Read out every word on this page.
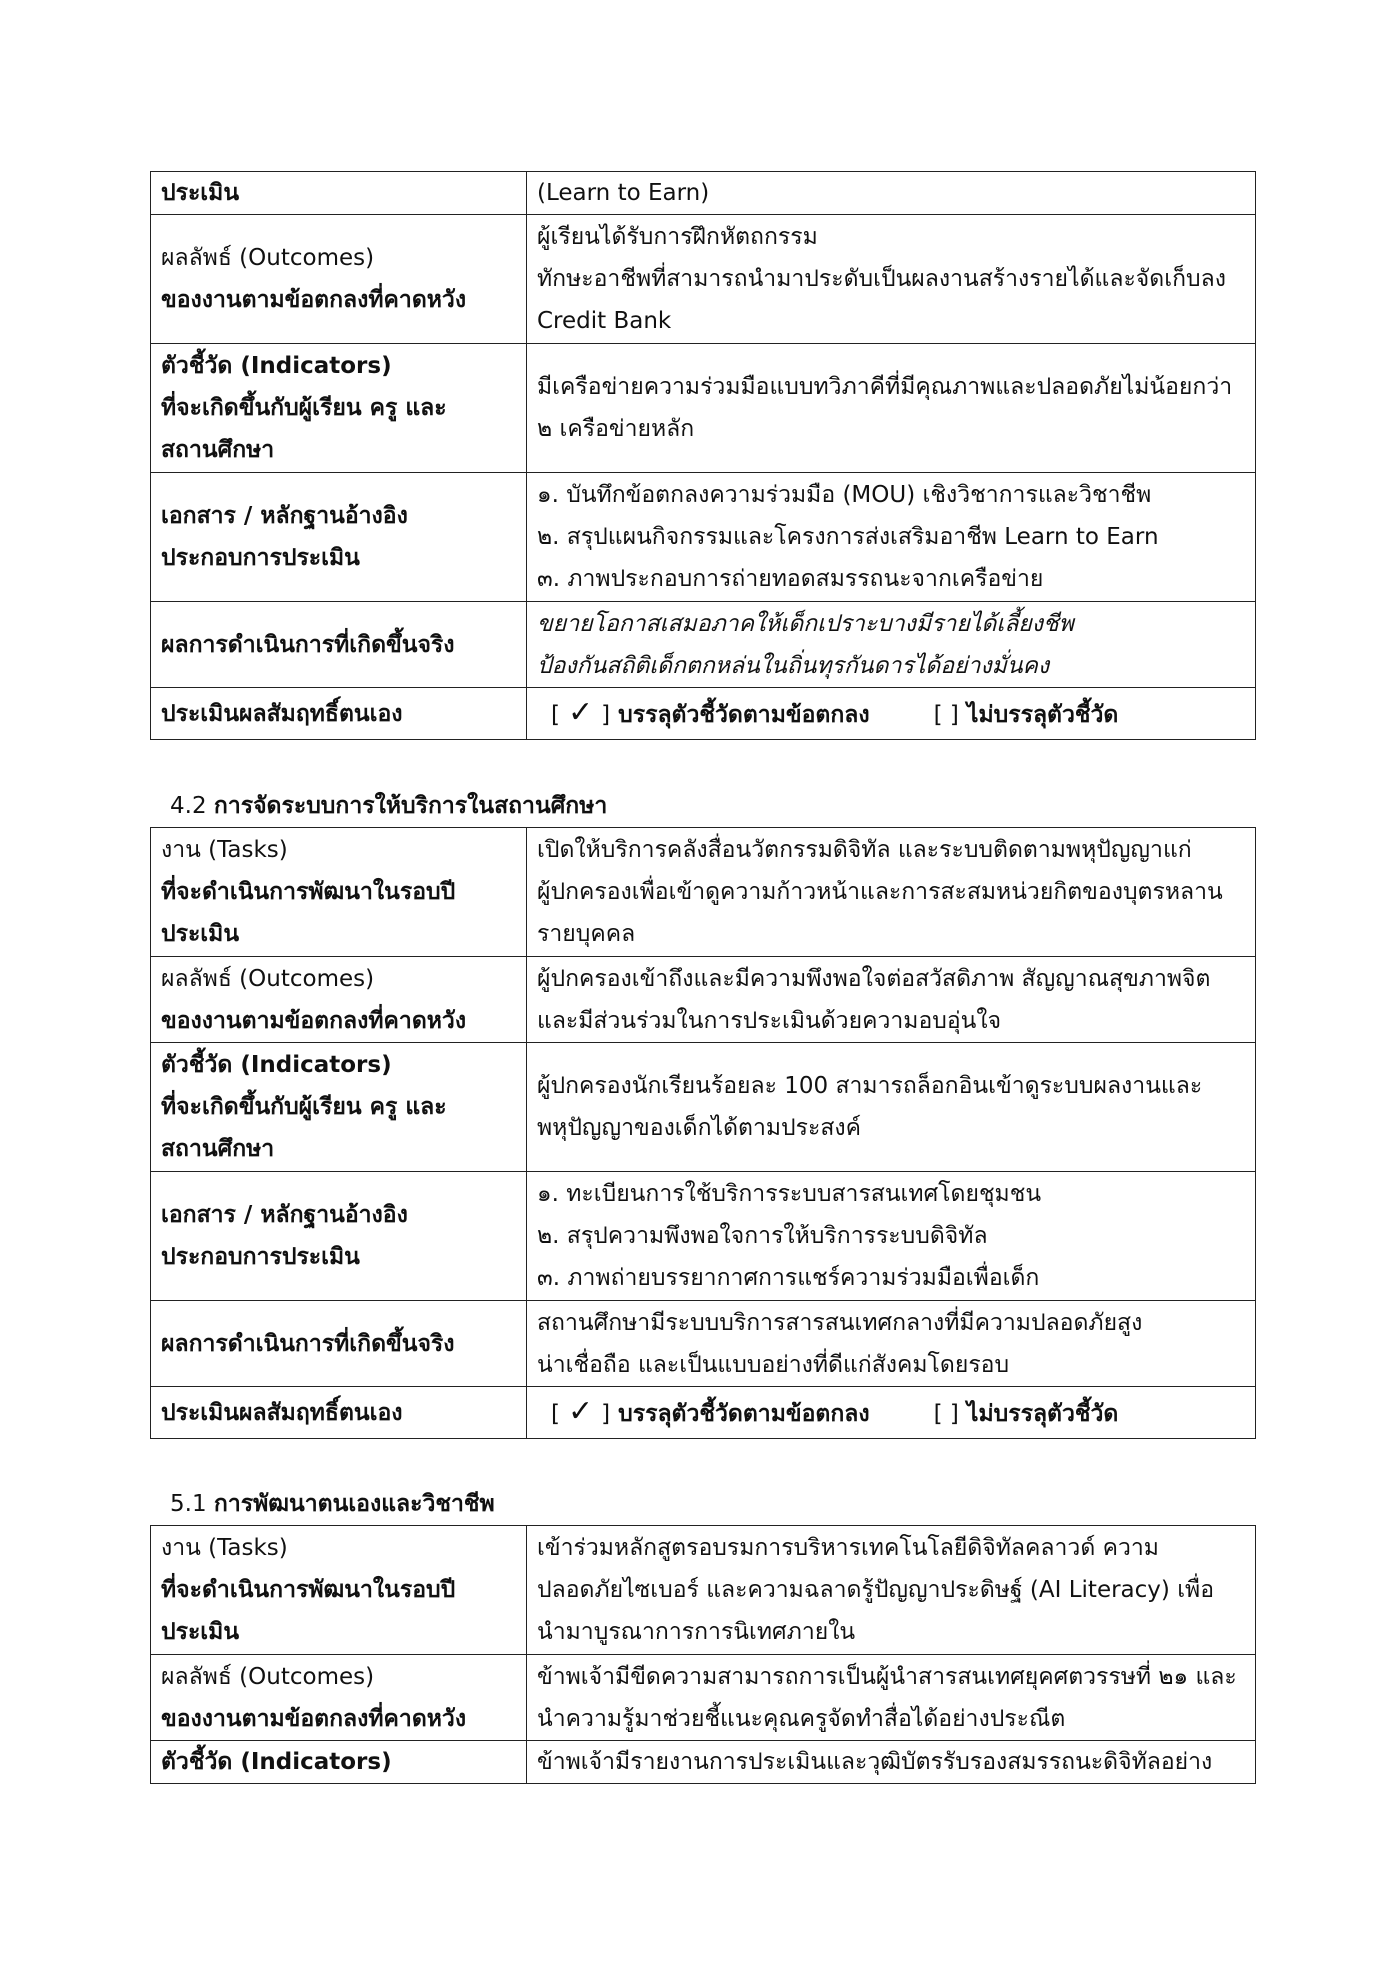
ประเมิน	(Learn to Earn)

ผลลัพธ์ (Outcomes)
ของงานตามข้อตกลงที่คาดหวัง	ผู้เรียนได้รับการฝึกหัตถกรรม
ทักษะอาชีพที่สามารถนำมาประดับเป็นผลงานสร้างรายได้และจัดเก็บลง
Credit Bank

ตัวชี้วัด (Indicators)
ที่จะเกิดขึ้นกับผู้เรียน ครู และ
สถานศึกษา	มีเครือข่ายความร่วมมือแบบทวิภาคีที่มีคุณภาพและปลอดภัยไม่น้อยกว่า
๒ เครือข่ายหลัก

เอกสาร / หลักฐานอ้างอิง
ประกอบการประเมิน	๑. บันทึกข้อตกลงความร่วมมือ (MOU) เชิงวิชาการและวิชาชีพ
๒. สรุปแผนกิจกรรมและโครงการส่งเสริมอาชีพ Learn to Earn
๓. ภาพประกอบการถ่ายทอดสมรรถนะจากเครือข่าย

ผลการดำเนินการที่เกิดขึ้นจริง	ขยายโอกาสเสมอภาคให้เด็กเปราะบางมีรายได้เลี้ยงชีพ
ป้องกันสถิติเด็กตกหล่นในถิ่นทุรกันดารได้อย่างมั่นคง

ประเมินผลสัมฤทธิ์ตนเอง	[ ✓ ] บรรลุตัวชี้วัดตามข้อตกลง [ ] ไม่บรรลุตัวชี้วัด
4.2 การจัดระบบการให้บริการในสถานศึกษา
งาน (Tasks)
ที่จะดำเนินการพัฒนาในรอบปี
ประเมิน	เปิดให้บริการคลังสื่อนวัตกรรมดิจิทัล และระบบติดตามพหุปัญญาแก่
ผู้ปกครองเพื่อเข้าดูความก้าวหน้าและการสะสมหน่วยกิตของบุตรหลาน
รายบุคคล

ผลลัพธ์ (Outcomes)
ของงานตามข้อตกลงที่คาดหวัง	ผู้ปกครองเข้าถึงและมีความพึงพอใจต่อสวัสดิภาพ สัญญาณสุขภาพจิต
และมีส่วนร่วมในการประเมินด้วยความอบอุ่นใจ

ตัวชี้วัด (Indicators)
ที่จะเกิดขึ้นกับผู้เรียน ครู และ
สถานศึกษา	ผู้ปกครองนักเรียนร้อยละ 100 สามารถล็อกอินเข้าดูระบบผลงานและ
พหุปัญญาของเด็กได้ตามประสงค์

เอกสาร / หลักฐานอ้างอิง
ประกอบการประเมิน	๑. ทะเบียนการใช้บริการระบบสารสนเทศโดยชุมชน
๒. สรุปความพึงพอใจการให้บริการระบบดิจิทัล
๓. ภาพถ่ายบรรยากาศการแชร์ความร่วมมือเพื่อเด็ก

ผลการดำเนินการที่เกิดขึ้นจริง	สถานศึกษามีระบบบริการสารสนเทศกลางที่มีความปลอดภัยสูง
น่าเชื่อถือ และเป็นแบบอย่างที่ดีแก่สังคมโดยรอบ

ประเมินผลสัมฤทธิ์ตนเอง	[ ✓ ] บรรลุตัวชี้วัดตามข้อตกลง [ ] ไม่บรรลุตัวชี้วัด
5.1 การพัฒนาตนเองและวิชาชีพ
งาน (Tasks)
ที่จะดำเนินการพัฒนาในรอบปี
ประเมิน	เข้าร่วมหลักสูตรอบรมการบริหารเทคโนโลยีดิจิทัลคลาวด์ ความ
ปลอดภัยไซเบอร์ และความฉลาดรู้ปัญญาประดิษฐ์ (AI Literacy) เพื่อ
นำมาบูรณาการการนิเทศภายใน

ผลลัพธ์ (Outcomes)
ของงานตามข้อตกลงที่คาดหวัง	ข้าพเจ้ามีขีดความสามารถการเป็นผู้นำสารสนเทศยุคศตวรรษที่ ๒๑ และ
นำความรู้มาช่วยชี้แนะคุณครูจัดทำสื่อได้อย่างประณีต

ตัวชี้วัด (Indicators)	ข้าพเจ้ามีรายงานการประเมินและวุฒิบัตรรับรองสมรรถนะดิจิทัลอย่าง
